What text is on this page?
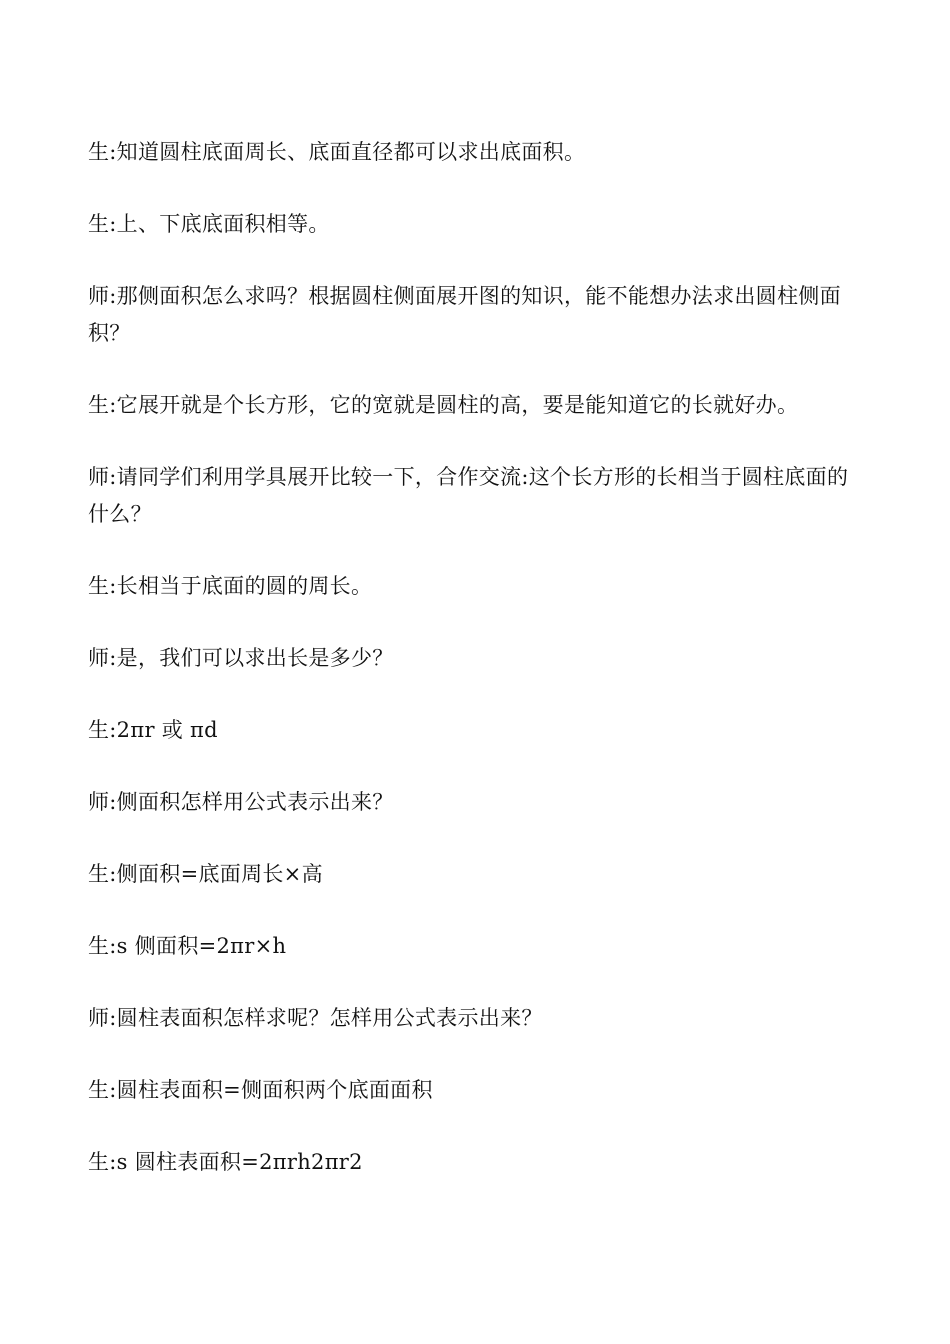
生:知道圆柱底面周长、底面直径都可以求出底面积。

生:上、下底底面积相等。

师:那侧面积怎么求吗？根据圆柱侧面展开图的知识，能不能想办法求出圆柱侧面积？

生:它展开就是个长方形，它的宽就是圆柱的高，要是能知道它的长就好办。

师:请同学们利用学具展开比较一下，合作交流:这个长方形的长相当于圆柱底面的什么？

生:长相当于底面的圆的周长。

师:是，我们可以求出长是多少？

生:2πr 或 πd

师:侧面积怎样用公式表示出来？

生:侧面积=底面周长×高

生:s 侧面积=2πr×h

师:圆柱表面积怎样求呢？怎样用公式表示出来？

生:圆柱表面积=侧面积两个底面面积

生:s 圆柱表面积=2πrh2πr2
